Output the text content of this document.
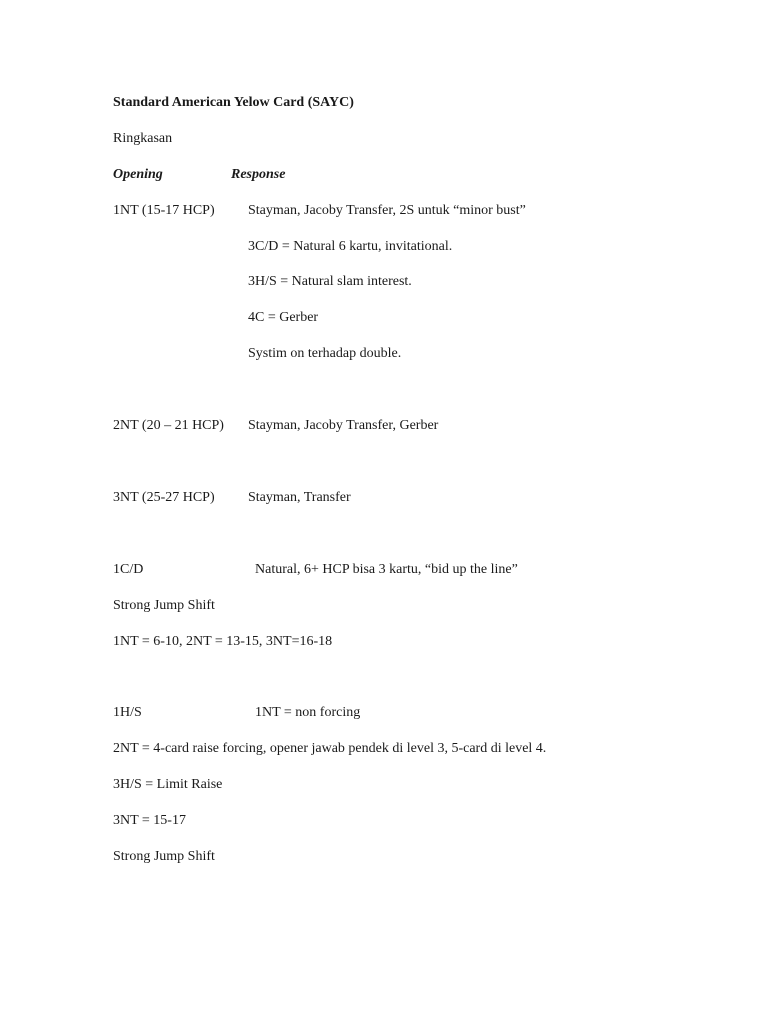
Standard American Yelow Card (SAYC)
Ringkasan
Opening	Response
1NT (15-17 HCP) Stayman, Jacoby Transfer, 2S untuk “minor bust”
3C/D = Natural 6 kartu, invitational.
3H/S = Natural slam interest.
4C = Gerber
Systim on terhadap double.
2NT (20 – 21 HCP) Stayman, Jacoby Transfer, Gerber
3NT (25-27 HCP) Stayman, Transfer
1C/D	Natural, 6+ HCP bisa 3 kartu, “bid up the line”
Strong Jump Shift
1NT = 6-10, 2NT = 13-15, 3NT=16-18
1H/S	1NT = non forcing
2NT = 4-card raise forcing, opener jawab pendek di level 3, 5-card di level 4.
3H/S = Limit Raise
3NT = 15-17
Strong Jump Shift
